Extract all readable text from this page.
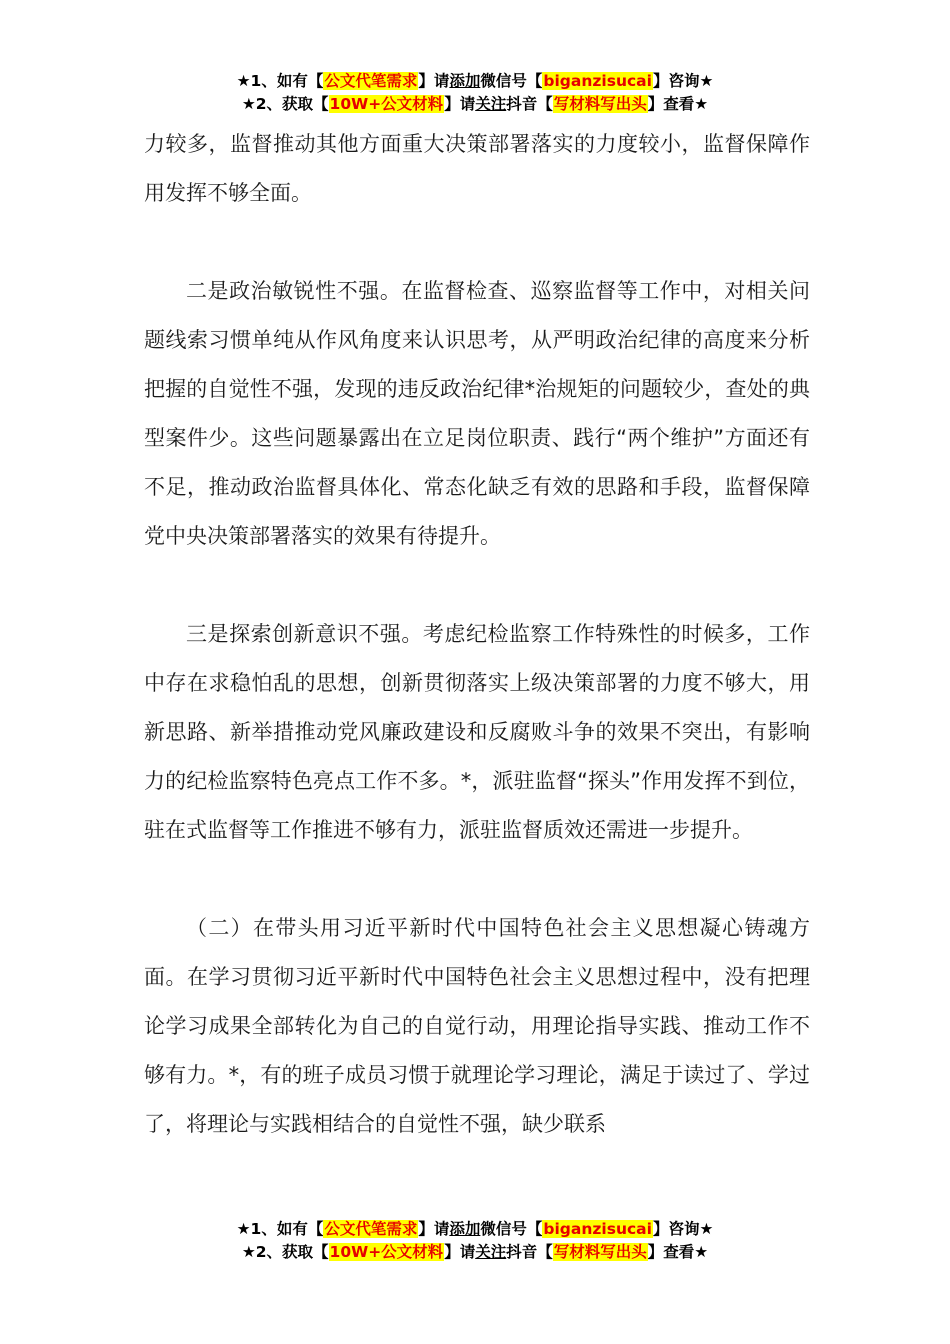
★1、如有【公文代笔需求】请添加微信号【biganzisucai】咨询★
★2、获取【10W+公文材料】请关注抖音【写材料写出头】查看★

力较多，监督推动其他方面重大决策部署落实的力度较小，监督保障作用发挥不够全面。

二是政治敏锐性不强。在监督检查、巡察监督等工作中，对相关问题线索习惯单纯从作风角度来认识思考，从严明政治纪律的高度来分析把握的自觉性不强，发现的违反政治纪律*治规矩的问题较少，查处的典型案件少。这些问题暴露出在立足岗位职责、践行“两个维护”方面还有不足，推动政治监督具体化、常态化缺乏有效的思路和手段，监督保障党中央决策部署落实的效果有待提升。

三是探索创新意识不强。考虑纪检监察工作特殊性的时候多，工作中存在求稳怕乱的思想，创新贯彻落实上级决策部署的力度不够大，用新思路、新举措推动党风廉政建设和反腐败斗争的效果不突出，有影响力的纪检监察特色亮点工作不多。*，派驻监督“探头”作用发挥不到位，驻在式监督等工作推进不够有力，派驻监督质效还需进一步提升。

（二）在带头用习近平新时代中国特色社会主义思想凝心铸魂方面。在学习贯彻习近平新时代中国特色社会主义思想过程中，没有把理论学习成果全部转化为自己的自觉行动，用理论指导实践、推动工作不够有力。*，有的班子成员习惯于就理论学习理论，满足于读过了、学过了，将理论与实践相结合的自觉性不强，缺少联系

★1、如有【公文代笔需求】请添加微信号【biganzisucai】咨询★
★2、获取【10W+公文材料】请关注抖音【写材料写出头】查看★
